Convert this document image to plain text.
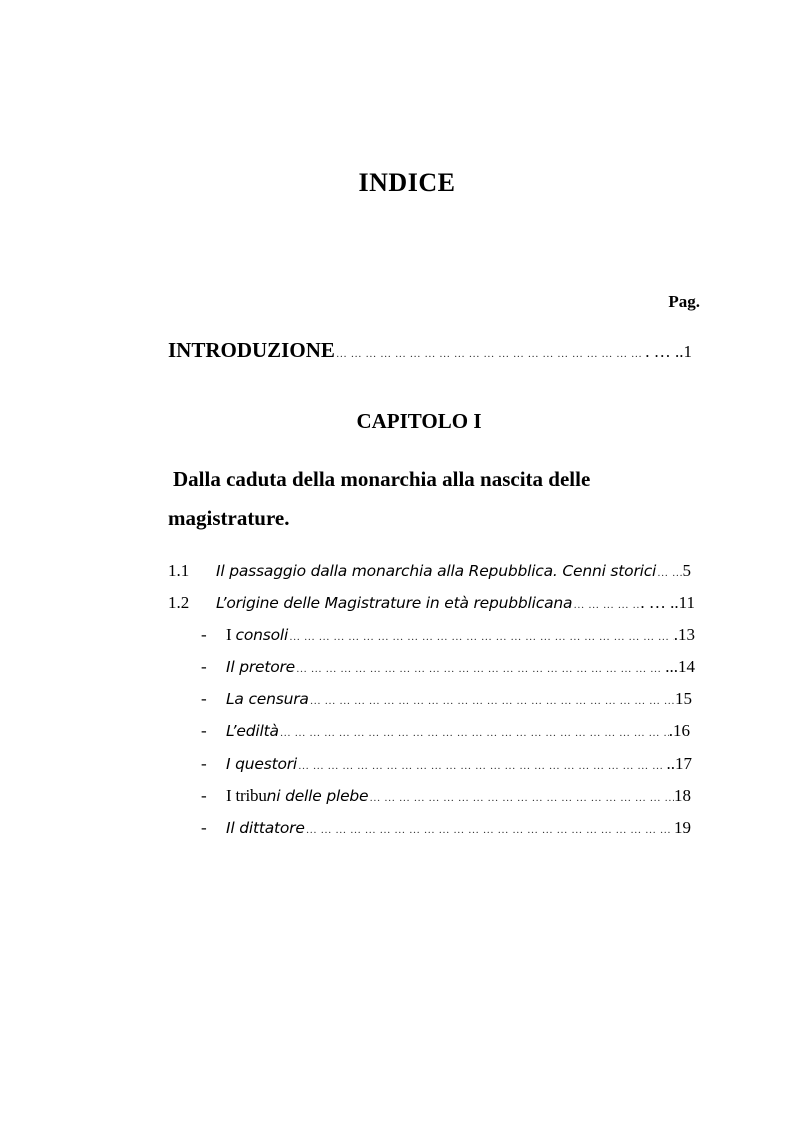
INDICE
Pag.
INTRODUZIONE … … … … … … … … … … … … … … … … … … … … … … … … … … … … … … … … … … … … … … … … … … … … … … … … … … … … … … … … … … … … … … …	. … ..1
CAPITOLO I
Dalla caduta della monarchia alla nascita delle
magistrature.
1.1	Il passaggio dalla monarchia alla Repubblica. Cenni storici … … … … … … … … … … … … … … … … … … … … … … … … … … … … … … … … … … … … … … … … … … … … … … … … … … … … … … … … … … … … … … … 5
1.2	L’origine delle Magistrature in età repubblicana … … … … … … … … … … … … … … … … … … … … … … … … … … … … … … … … … … … … … … … … … … … … … … … … … … … … … … … … … … … … … … …	. … ..11
-	I consoli … … … … … … … … … … … … … … … … … … … … … … … … … … … … … … … … … … … … … … … … … … … … … … … … … … … … … … … … … … … … … … …	.13
-	Il pretore … … … … … … … … … … … … … … … … … … … … … … … … … … … … … … … … … … … … … … … … … … … … … … … … … … … … … … … … … … … … … … …	...14
-	La censura … … … … … … … … … … … … … … … … … … … … … … … … … … … … … … … … … … … … … … … … … … … … … … … … … … … … … … … … … … … … … … …	15
-	L’ediltà … … … … … … … … … … … … … … … … … … … … … … … … … … … … … … … … … … … … … … … … … … … … … … … … … … … … … … … … … … … … … … …	.16
-	I questori … … … … … … … … … … … … … … … … … … … … … … … … … … … … … … … … … … … … … … … … … … … … … … … … … … … … … … … … … … … … … … …	..17
-	I tribuni delle plebe … … … … … … … … … … … … … … … … … … … … … … … … … … … … … … … … … … … … … … … … … … … … … … … … … … … … … … … … … … … … … … …	18
-	Il dittatore … … … … … … … … … … … … … … … … … … … … … … … … … … … … … … … … … … … … … … … … … … … … … … … … … … … … … … … … … … … … … … …	19
